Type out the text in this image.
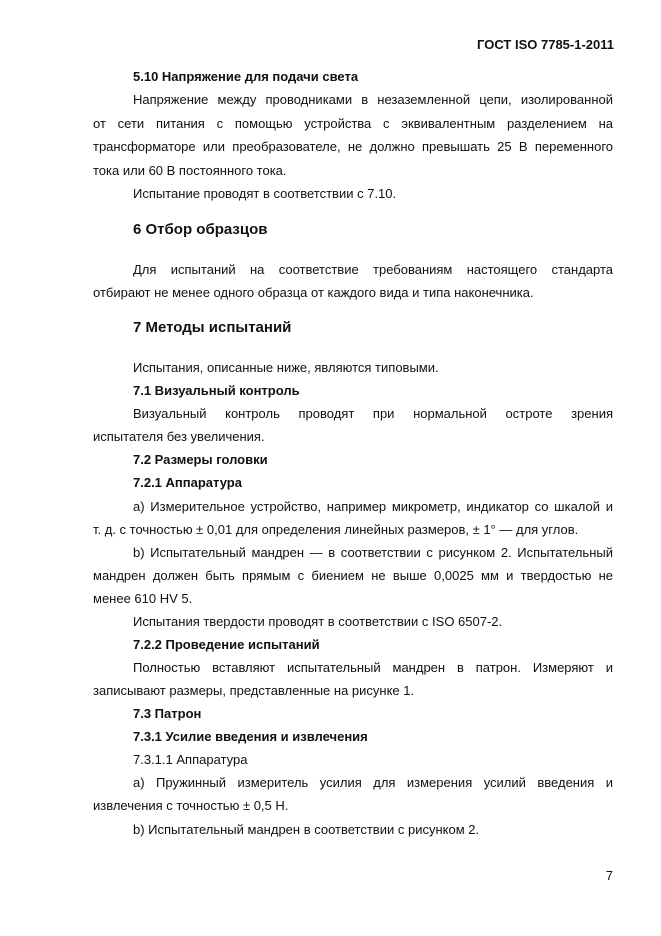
ГОСТ ISO 7785-1-2011
5.10 Напряжение для подачи света
Напряжение между проводниками в незаземленной цепи, изолированной
от сети питания с помощью устройства с эквивалентным разделением на
трансформаторе или преобразователе, не должно превышать 25 В переменного
тока или 60 В постоянного тока.
Испытание проводят в соответствии с 7.10.
6 Отбор образцов
Для испытаний на соответствие требованиям настоящего стандарта
отбирают не менее одного образца от каждого вида и типа наконечника.
7 Методы испытаний
Испытания, описанные ниже, являются типовыми.
7.1 Визуальный контроль
Визуальный контроль проводят при нормальной остроте зрения
испытателя без увеличения.
7.2 Размеры головки
7.2.1 Аппаратура
a) Измерительное устройство, например микрометр, индикатор со шкалой и
т. д. с точностью ± 0,01 для определения линейных размеров, ± 1° — для углов.
b) Испытательный мандрен — в соответствии с рисунком 2. Испытательный
мандрен должен быть прямым с биением не выше 0,0025 мм и твердостью не
менее 610 HV 5.
Испытания твердости проводят в соответствии с ISO 6507-2.
7.2.2 Проведение испытаний
Полностью вставляют испытательный мандрен в патрон. Измеряют и
записывают размеры, представленные на рисунке 1.
7.3 Патрон
7.3.1 Усилие введения и извлечения
7.3.1.1 Аппаратура
a) Пружинный измеритель усилия для измерения усилий введения и
извлечения с точностью ± 0,5 Н.
b) Испытательный мандрен в соответствии с рисунком 2.
7
